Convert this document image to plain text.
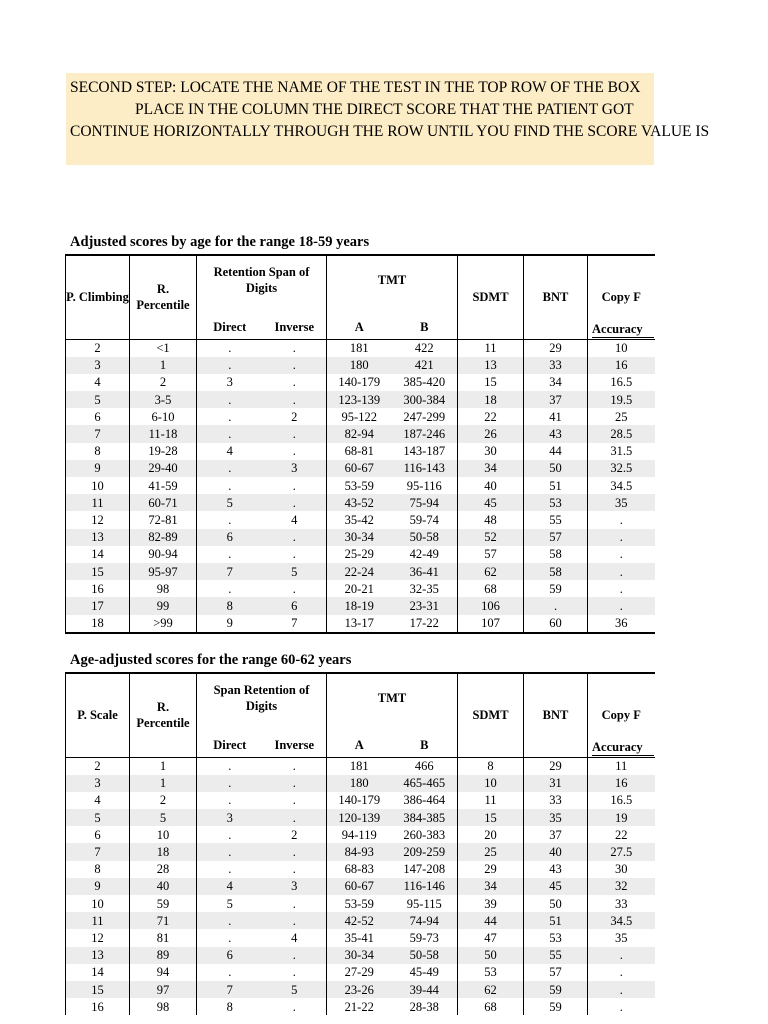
SECOND STEP: LOCATE THE NAME OF THE TEST IN THE TOP ROW OF THE BOX
PLACE IN THE COLUMN THE DIRECT SCORE THAT THE PATIENT GOT
CONTINUE HORIZONTALLY THROUGH THE ROW UNTIL YOU FIND THE SCORE VALUE IS
Adjusted scores by age for the range 18-59 years
P. Climbing	R. Percentile	Retention Span of Digits		TMT		SDMT	BNT	Copy F
		Direct	Inverse	A	B			
2	<1	.	.	181	422	11	29	10
3	1	.	.	180	421	13	33	16
4	2	3	.	140-179	385-420	15	34	16.5
5	3-5	.	.	123-139	300-384	18	37	19.5
6	6-10	.	2	95-122	247-299	22	41	25
7	11-18	.	.	82-94	187-246	26	43	28.5
8	19-28	4	.	68-81	143-187	30	44	31.5
9	29-40	.	3	60-67	116-143	34	50	32.5
10	41-59	.	.	53-59	95-116	40	51	34.5
11	60-71	5	.	43-52	75-94	45	53	35
12	72-81	.	4	35-42	59-74	48	55	.
13	82-89	6	.	30-34	50-58	52	57	.
14	90-94	.	.	25-29	42-49	57	58	.
15	95-97	7	5	22-24	36-41	62	58	.
16	98	.	.	20-21	32-35	68	59	.
17	99	8	6	18-19	23-31	106	.	.
18	>99	9	7	13-17	17-22	107	60	36
Age-adjusted scores for the range 60-62 years
P. Scale	R. Percentile	Span Retention of Digits		TMT		SDMT	BNT	Copy F
		Direct	Inverse	A	B			
2	1	.	.	181	466	8	29	11
3	1	.	.	180	465-465	10	31	16
4	2	.	.	140-179	386-464	11	33	16.5
5	5	3	.	120-139	384-385	15	35	19
6	10	.	2	94-119	260-383	20	37	22
7	18	.	.	84-93	209-259	25	40	27.5
8	28	.	.	68-83	147-208	29	43	30
9	40	4	3	60-67	116-146	34	45	32
10	59	5	.	53-59	95-115	39	50	33
11	71	.	.	42-52	74-94	44	51	34.5
12	81	.	4	35-41	59-73	47	53	35
13	89	6	.	30-34	50-58	50	55	.
14	94	.	.	27-29	45-49	53	57	.
15	97	7	5	23-26	39-44	62	59	.
16	98	8	.	21-22	28-38	68	59	.
Accuracy
Accuracy
